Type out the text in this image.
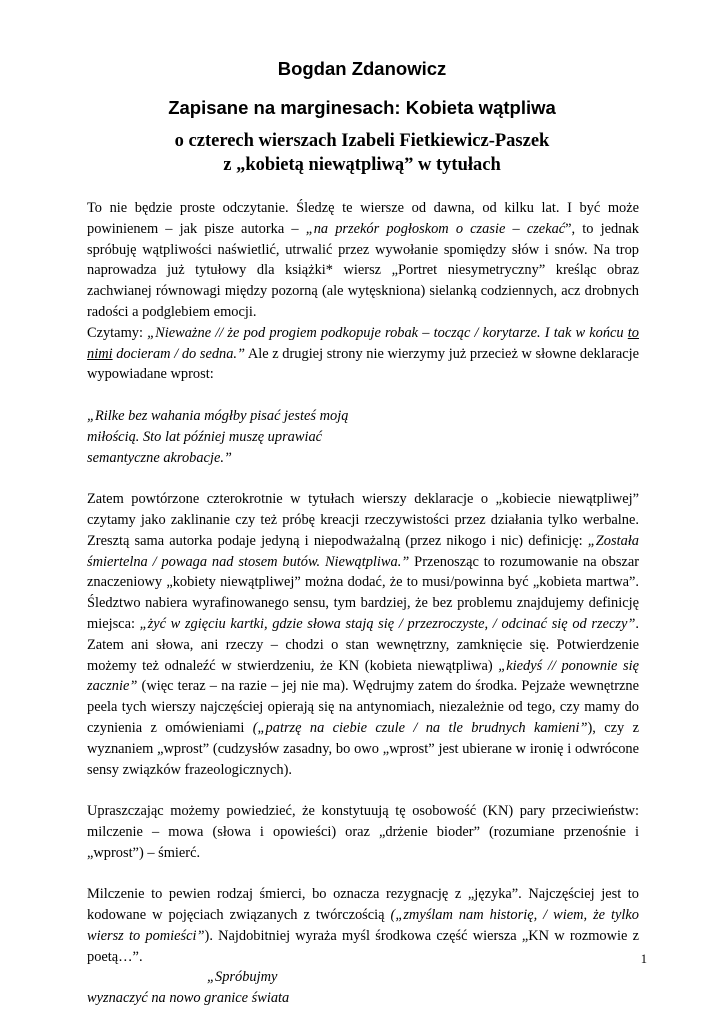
Bogdan Zdanowicz
Zapisane na marginesach: Kobieta wątpliwa
o czterech wierszach Izabeli Fietkiewicz-Paszek
z „kobietą niewątpliwą” w tytułach

To nie będzie proste odczytanie. Śledzę te wiersze od dawna, od kilku lat. I być może powinienem – jak pisze autorka – „na przekór pogłoskom o czasie – czekać”, to jednak spróbuję wątpliwości naświetlić, utrwalić przez wywołanie spomiędzy słów i snów. Na trop naprowadza już tytułowy dla książki* wiersz „Portret niesymetryczny” kreśląc obraz zachwianej równowagi między pozorną (ale wytęskniona) sielanką codziennych, acz drobnych radości a podglebiem emocji.

Czytamy: „Nieważne // że pod progiem podkopuje robak – tocząc / korytarze. I tak w końcu to nimi docieram / do sedna.” Ale z drugiej strony nie wierzymy już przecież w słowne deklaracje wypowiadane wprost:

„Rilke bez wahania mógłby pisać jesteś moją
miłością. Sto lat później muszę uprawiać
semantyczne akrobacje.”

Zatem powtórzone czterokrotnie w tytułach wierszy deklaracje o „kobiecie niewątpliwej” czytamy jako zaklinanie czy też próbę kreacji rzeczywistości przez działania tylko werbalne. Zresztą sama autorka podaje jedyną i niepodważalną (przez nikogo i nic) definicję: „Została śmiertelna / powaga nad stosem butów. Niewątpliwa.” Przenosząc to rozumowanie na obszar znaczeniowy „kobiety niewątpliwej” można dodać, że to musi/powinna być „kobieta martwa”. Śledztwo nabiera wyrafinowanego sensu, tym bardziej, że bez problemu znajdujemy definicję miejsca: „żyć w zgięciu kartki, gdzie słowa stają się / przezroczyste, / odcinać się od rzeczy”. Zatem ani słowa, ani rzeczy – chodzi o stan wewnętrzny, zamknięcie się. Potwierdzenie możemy też odnaleźć w stwierdzeniu, że KN (kobieta niewątpliwa) „kiedyś // ponownie się zacznie” (więc teraz – na razie – jej nie ma). Wędrujmy zatem do środka. Pejzaże wewnętrzne peela tych wierszy najczęściej opierają się na antynomiach, niezależnie od tego, czy mamy do czynienia z omówieniami („patrzę na ciebie czule / na tle brudnych kamieni”), czy z wyznaniem „wprost” (cudzysłów zasadny, bo owo „wprost” jest ubierane w ironię i odwrócone sensy związków frazeologicznych).

Upraszczając możemy powiedzieć, że konstytuują tę osobowość (KN) pary przeciwieństw: milczenie – mowa (słowa i opowieści) oraz „drżenie bioder” (rozumiane przenośnie i „wprost”) – śmierć.

Milczenie to pewien rodzaj śmierci, bo oznacza rezygnację z „języka”. Najczęściej jest to kodowane w pojęciach związanych z twórczością („zmyślam nam historię, / wiem, że tylko wiersz to pomieści”). Najdobitniej wyraża myśl środkowa część wiersza „KN w rozmowie z poetą…”.

„Spróbujmy
wyznaczyć na nowo granice świata

1
